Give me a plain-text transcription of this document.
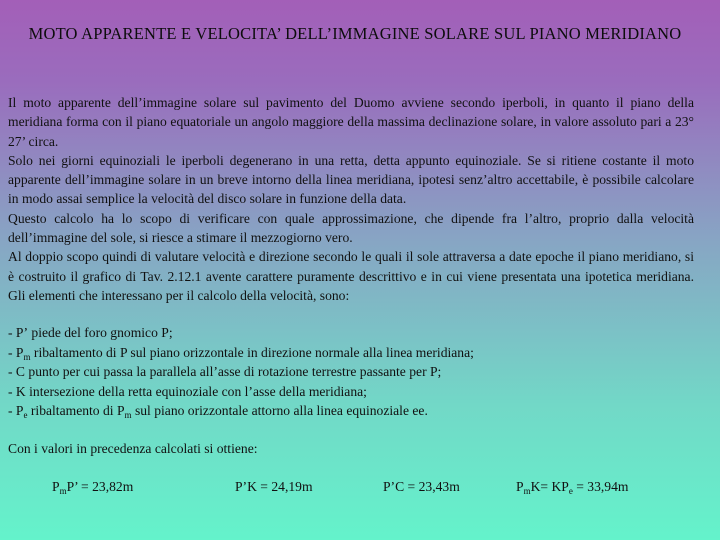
MOTO APPARENTE E VELOCITA’ DELL’IMMAGINE SOLARE SUL PIANO MERIDIANO

Il moto apparente dell’immagine solare sul pavimento del Duomo avviene secondo iperboli, in quanto il piano della meridiana forma con il piano equatoriale un angolo maggiore della massima declinazione solare, in valore assoluto pari a 23° 27’ circa.

Solo nei giorni equinoziali le iperboli degenerano in una retta, detta appunto equinoziale. Se si ritiene costante il moto apparente dell’immagine solare in un breve intorno della linea meridiana, ipotesi senz’altro accettabile, è possibile calcolare in modo assai semplice la velocità del disco solare in funzione della data.

Questo calcolo ha lo scopo di verificare con quale approssimazione, che dipende fra l’altro, proprio dalla velocità dell’immagine del sole, si riesce a stimare il mezzogiorno vero.

Al doppio scopo quindi di valutare velocità e direzione secondo le quali il sole attraversa a date epoche il piano meridiano, si è costruito il grafico di Tav. 2.12.1 avente carattere puramente descrittivo e in cui viene presentata una ipotetica meridiana. Gli elementi che interessano per il calcolo della velocità, sono:

- P’ piede del foro gnomico P;
- $P_m$ ribaltamento di P sul piano orizzontale in direzione normale alla linea meridiana;
- C punto per cui passa la parallela all’asse di rotazione terrestre passante per P;
- K intersezione della retta equinoziale con l’asse della meridiana;
- $P_e$ ribaltamento di $P_m$ sul piano orizzontale attorno alla linea equinoziale ee.
Con i valori in precedenza calcolati si ottiene:
$P_mP$’ = 23,82m	P’K = 24,19m	P’C = 23,43m	$P_mK= KP_e = 33,94m$
